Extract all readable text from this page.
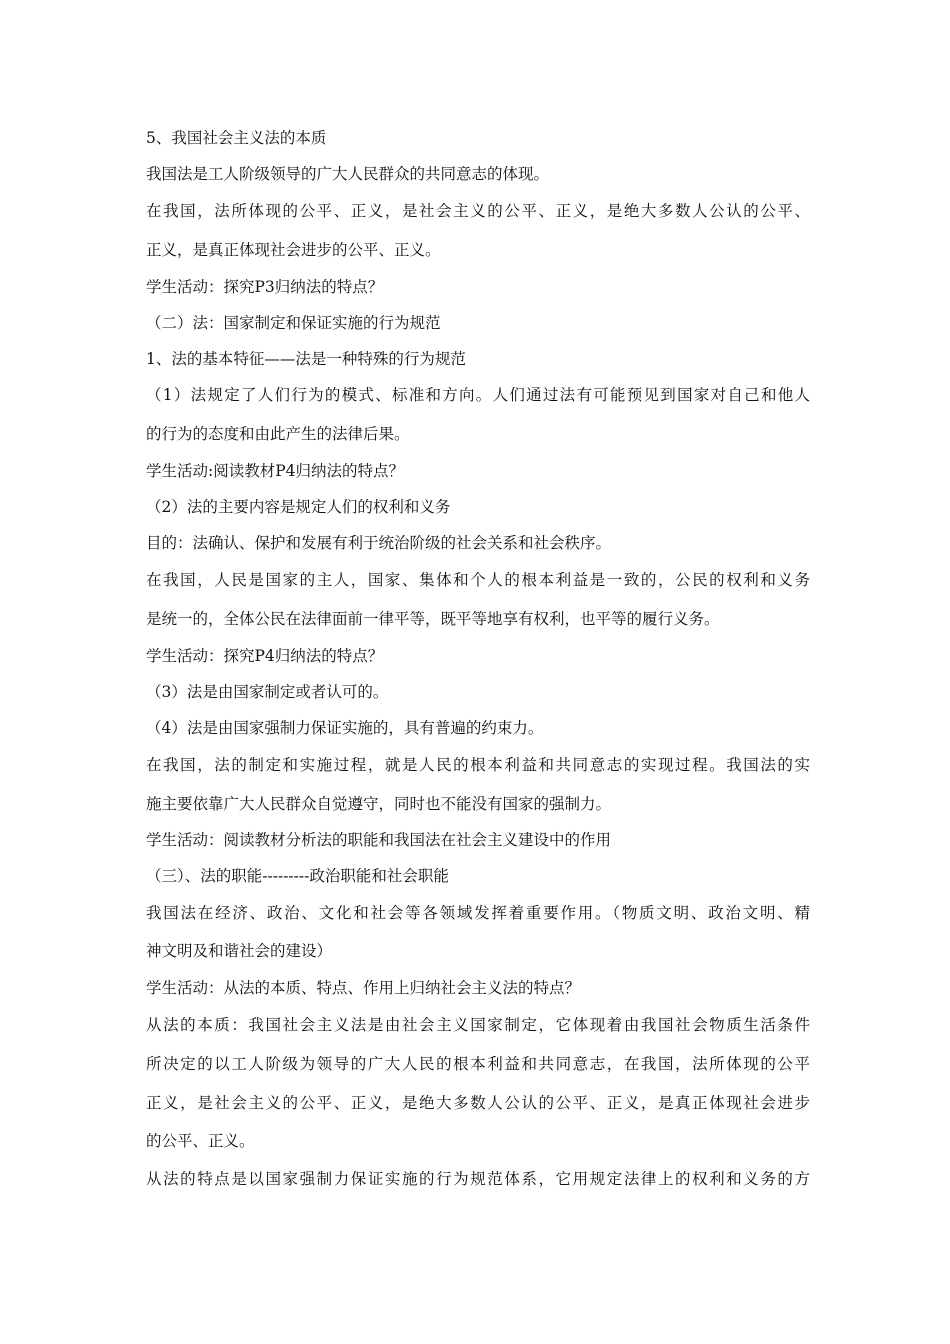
5、我国社会主义法的本质
我国法是工人阶级领导的广大人民群众的共同意志的体现。
在我国，法所体现的公平、正义，是社会主义的公平、正义，是绝大多数人公认的公平、
正义，是真正体现社会进步的公平、正义。
学生活动：探究P3归纳法的特点？
（二）法：国家制定和保证实施的行为规范
1、法的基本特征——法是一种特殊的行为规范
（1）法规定了人们行为的模式、标准和方向。人们通过法有可能预见到国家对自己和他人
的行为的态度和由此产生的法律后果。
学生活动:阅读教材P4归纳法的特点？
（2）法的主要内容是规定人们的权利和义务
目的：法确认、保护和发展有利于统治阶级的社会关系和社会秩序。
在我国，人民是国家的主人，国家、集体和个人的根本利益是一致的，公民的权利和义务
是统一的，全体公民在法律面前一律平等，既平等地享有权利，也平等的履行义务。
学生活动：探究P4归纳法的特点？
（3）法是由国家制定或者认可的。
（4）法是由国家强制力保证实施的，具有普遍的约束力。
在我国，法的制定和实施过程，就是人民的根本利益和共同意志的实现过程。我国法的实
施主要依靠广大人民群众自觉遵守，同时也不能没有国家的强制力。
学生活动：阅读教材分析法的职能和我国法在社会主义建设中的作用
（三）、法的职能---------政治职能和社会职能
我国法在经济、政治、文化和社会等各领域发挥着重要作用。（物质文明、政治文明、精
神文明及和谐社会的建设）
学生活动：从法的本质、特点、作用上归纳社会主义法的特点？
从法的本质：我国社会主义法是由社会主义国家制定，它体现着由我国社会物质生活条件
所决定的以工人阶级为领导的广大人民的根本利益和共同意志，在我国，法所体现的公平
正义，是社会主义的公平、正义，是绝大多数人公认的公平、正义，是真正体现社会进步
的公平、正义。
从法的特点是以国家强制力保证实施的行为规范体系，它用规定法律上的权利和义务的方
